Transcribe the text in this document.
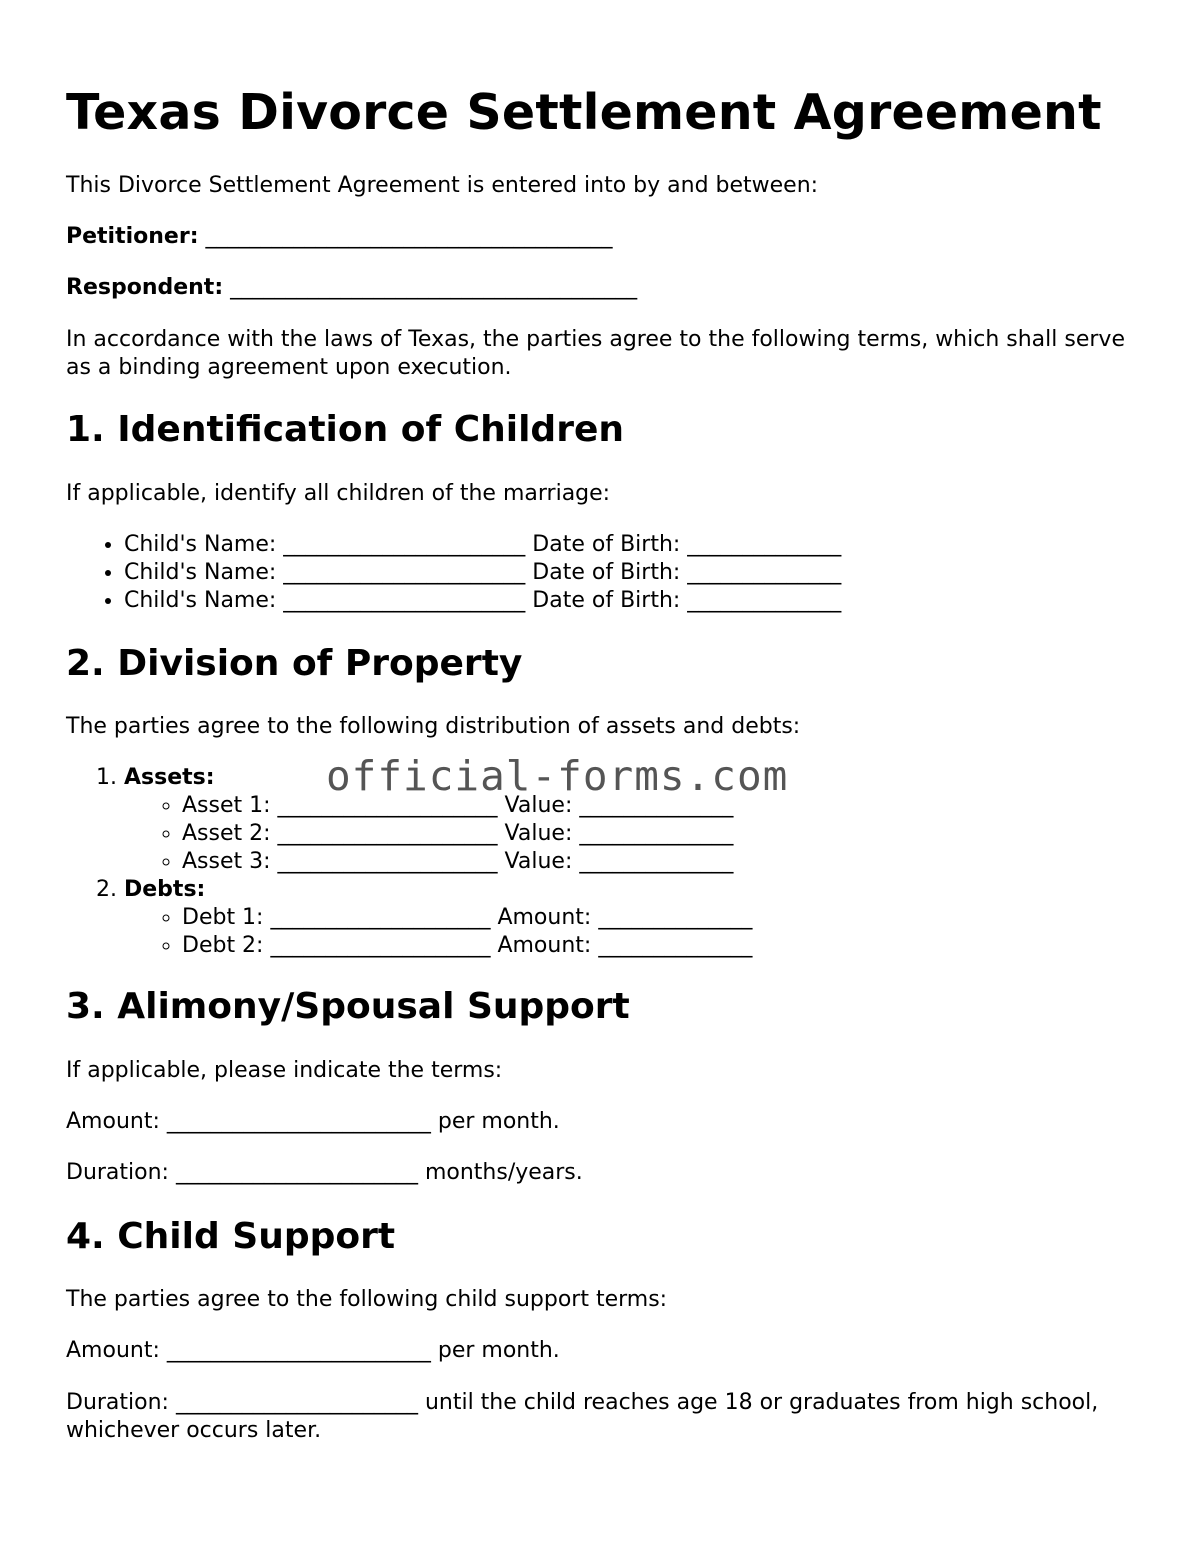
Texas Divorce Settlement Agreement

This Divorce Settlement Agreement is entered into by and between:

Petitioner: _____________________________________

Respondent: _____________________________________

In accordance with the laws of Texas, the parties agree to the following terms, which shall serve as a binding agreement upon execution.

1. Identification of Children

If applicable, identify all children of the marriage:

• Child's Name: ______________________ Date of Birth: ______________
• Child's Name: ______________________ Date of Birth: ______________
• Child's Name: ______________________ Date of Birth: ______________
2. Division of Property

The parties agree to the following distribution of assets and debts:

1. Assets:
◦ Asset 1: ____________________ Value: ______________
◦ Asset 2: ____________________ Value: ______________
◦ Asset 3: ____________________ Value: ______________
2. Debts:
◦ Debt 1: ____________________ Amount: ______________
◦ Debt 2: ____________________ Amount: ______________
3. Alimony/Spousal Support

If applicable, please indicate the terms:

Amount: ________________________ per month.

Duration: ______________________ months/years.

4. Child Support

The parties agree to the following child support terms:

Amount: ________________________ per month.

Duration: ______________________ until the child reaches age 18 or graduates from high school, whichever occurs later.

official-forms.com
